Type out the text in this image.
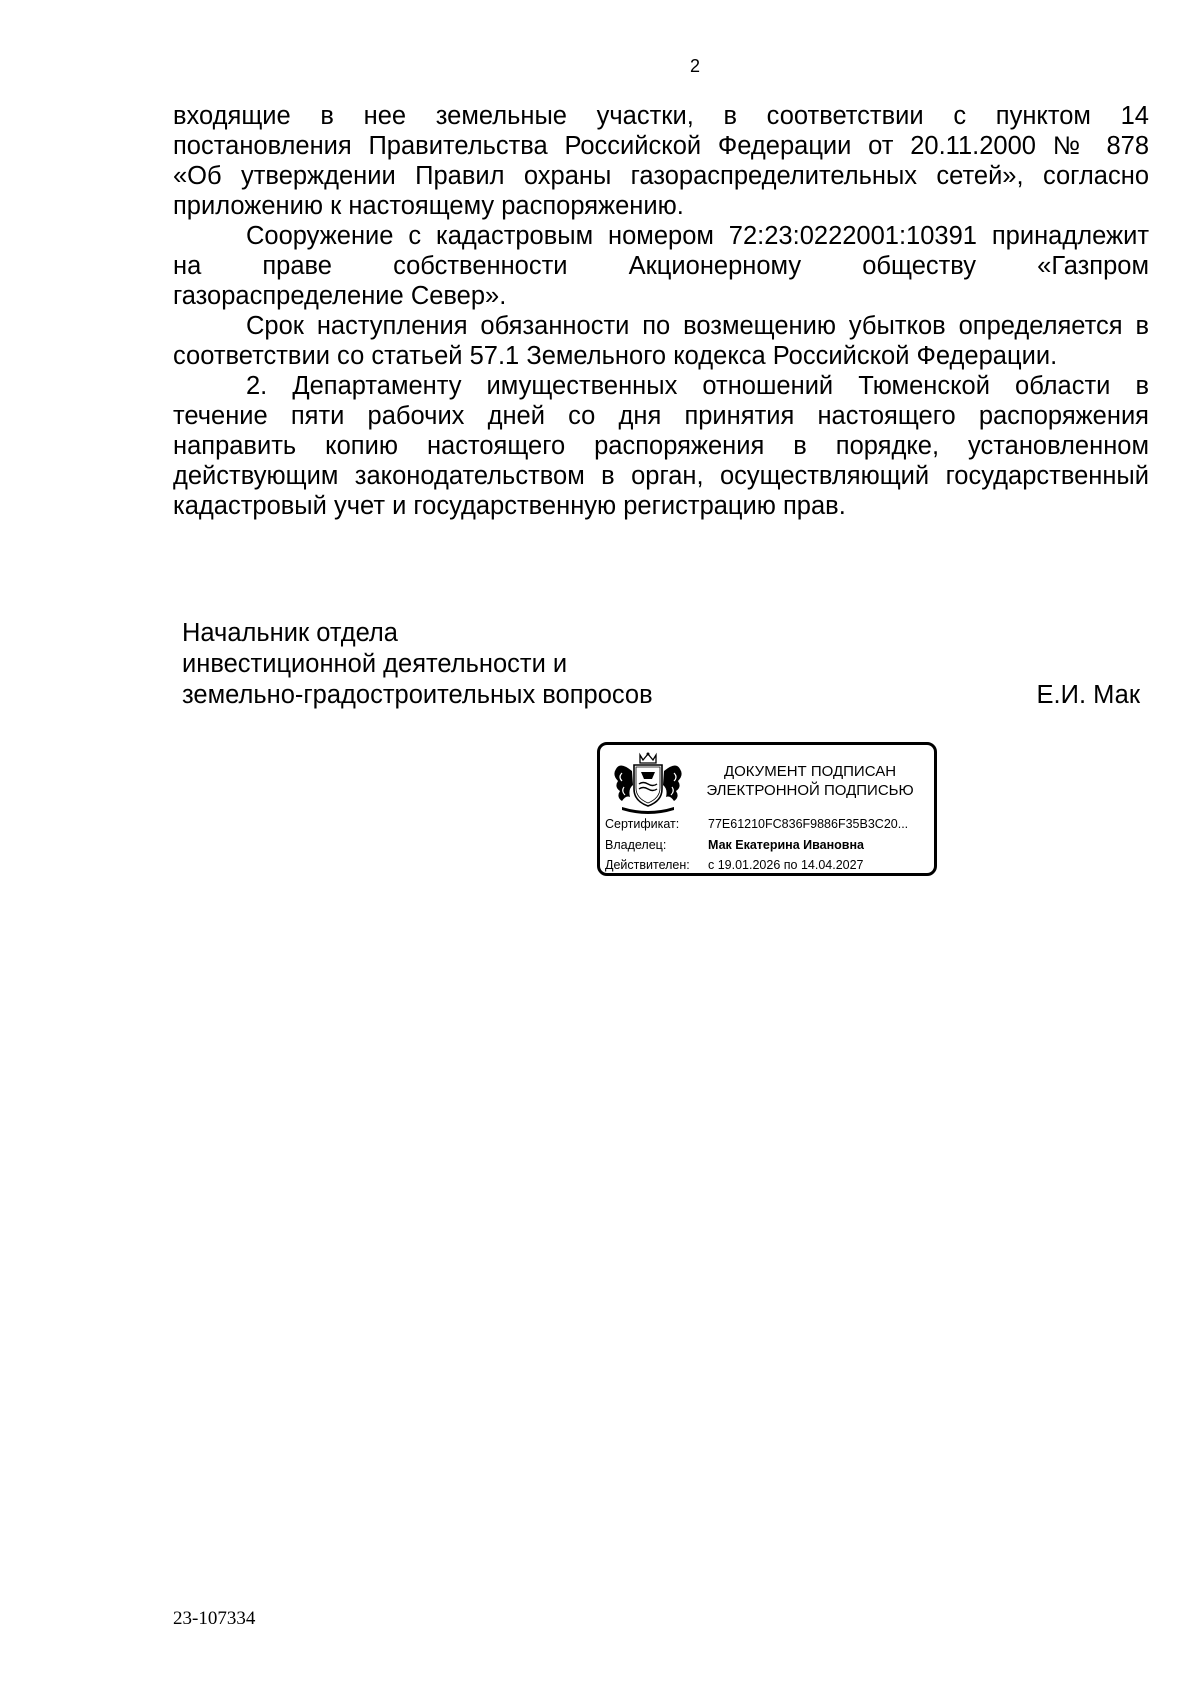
2

входящие в нее земельные участки, в соответствии с пунктом 14
постановления Правительства Российской Федерации от 20.11.2000 № 878
«Об утверждении Правил охраны газораспределительных сетей», согласно
приложению к настоящему распоряжению.

Сооружение с кадастровым номером 72:23:0222001:10391 принадлежит
на праве собственности Акционерному обществу «Газпром
газораспределение Север».

Срок наступления обязанности по возмещению убытков определяется в
соответствии со статьей 57.1 Земельного кодекса Российской Федерации.

2. Департаменту имущественных отношений Тюменской области в
течение пяти рабочих дней со дня принятия настоящего распоряжения
направить копию настоящего распоряжения в порядке, установленном
действующим законодательством в орган, осуществляющий государственный
кадастровый учет и государственную регистрацию прав.

Начальник отдела
инвестиционной деятельности и
земельно-градостроительных вопросов	Е.И. Мак
ДОКУМЕНТ ПОДПИСАН
ЭЛЕКТРОННОЙ ПОДПИСЬЮ
Сертификат:	77E61210FC836F9886F35B3C20...
Владелец:	Мак Екатерина Ивановна
Действителен:	с 19.01.2026 по 14.04.2027
23-107334
